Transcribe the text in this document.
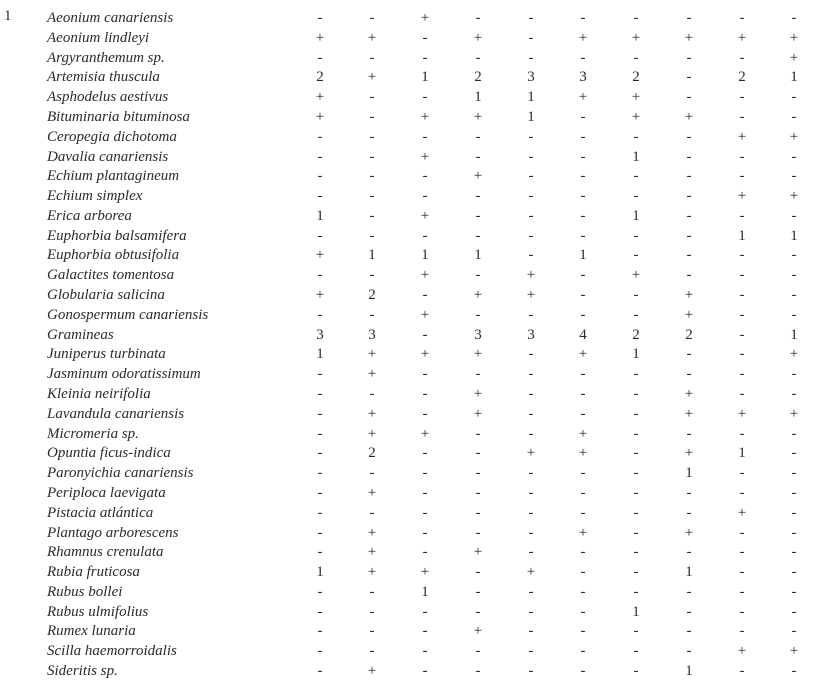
1 Aeonium canariensis	-	-	+	-	-	-	-	-	-	-
Aeonium lindleyi	+	+	-	+	-	+	+	+	+	+
Argyranthemum sp.	-	-	-	-	-	-	-	-	-	+
Artemisia thuscula	2	+	1	2	3	3	2	-	2	1
Asphodelus aestivus	+	-	-	1	1	+	+	-	-	-
Bituminaria bituminosa	+	-	+	+	1	-	+	+	-	-
Ceropegia dichotoma	-	-	-	-	-	-	-	-	+	+
Davalia canariensis	-	-	+	-	-	-	1	-	-	-
Echium plantagineum	-	-	-	+	-	-	-	-	-	-
Echium simplex	-	-	-	-	-	-	-	-	+	+
Erica arborea	1	-	+	-	-	-	1	-	-	-
Euphorbia balsamifera	-	-	-	-	-	-	-	-	1	1
Euphorbia obtusifolia	+	1	1	1	-	1	-	-	-	-
Galactites tomentosa	-	-	+	-	+	-	+	-	-	-
Globularia salicina	+	2	-	+	+	-	-	+	-	-
Gonospermum canariensis	-	-	+	-	-	-	-	+	-	-
Gramineas	3	3	-	3	3	4	2	2	-	1
Juniperus turbinata	1	+	+	+	-	+	1	-	-	+
Jasminum odoratissimum	-	+	-	-	-	-	-	-	-	-
Kleinia neirifolia	-	-	-	+	-	-	-	+	-	-
Lavandula canariensis	-	+	-	+	-	-	-	+	+	+
Micromeria sp.	-	+	+	-	-	+	-	-	-	-
Opuntia ficus-indica	-	2	-	-	+	+	-	+	1	-
Paronyichia canariensis	-	-	-	-	-	-	-	1	-	-
Periploca laevigata	-	+	-	-	-	-	-	-	-	-
Pistacia atlántica	-	-	-	-	-	-	-	-	+	-
Plantago arborescens	-	+	-	-	-	+	-	+	-	-
Rhamnus crenulata	-	+	-	+	-	-	-	-	-	-
Rubia fruticosa	1	+	+	-	+	-	-	1	-	-
Rubus bollei	-	-	1	-	-	-	-	-	-	-
Rubus ulmifolius	-	-	-	-	-	-	1	-	-	-
Rumex lunaria	-	-	-	+	-	-	-	-	-	-
Scilla haemorroidalis	-	-	-	-	-	-	-	-	+	+
Sideritis sp.	-	+	-	-	-	-	-	1	-	-
